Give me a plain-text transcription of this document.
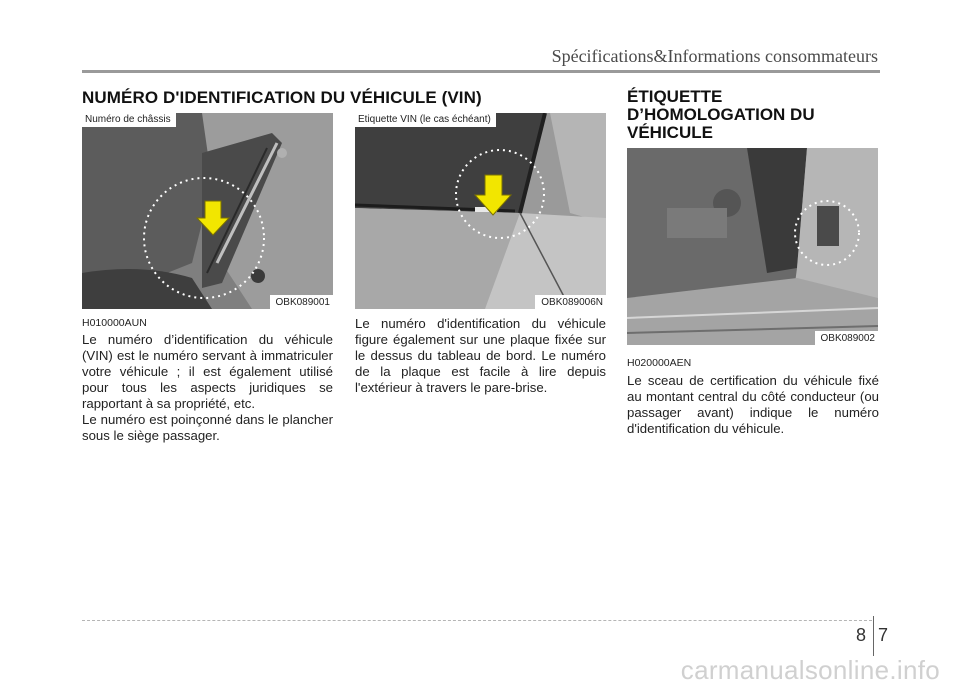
Spécifications&Informations consommateurs
NUMÉRO D'IDENTIFICATION DU VÉHICULE (VIN)	ÉTIQUETTE
D’HOMOLOGATION DU
VÉHICULE
Numéro de châssis
OBK089001
Etiquette VIN (le cas échéant)
OBK089006N
OBK089002
H010000AUN

Le numéro d’identification du véhicule (VIN) est le numéro servant à immatriculer votre véhicule ; il est également utilisé pour tous les aspects juridiques se rapportant à sa propriété, etc.

Le numéro est poinçonné dans le plancher sous le siège passager.

Le numéro d'identification du véhicule figure également sur une plaque fixée sur le dessus du tableau de bord. Le numéro de la plaque est facile à lire depuis l'extérieur à travers le pare-brise.

H020000AEN

Le sceau de certification du véhicule fixé au montant central du côté conducteur (ou passager avant) indique le numéro d'identification du véhicule.

8 7
carmanualsonline.info
